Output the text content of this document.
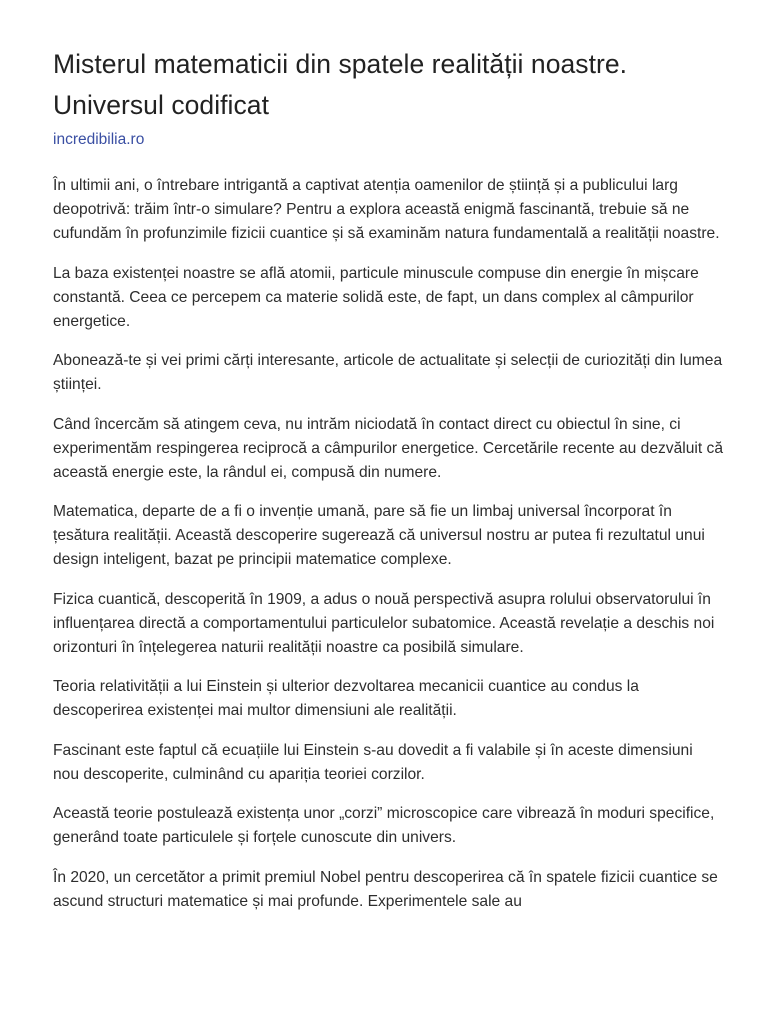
Misterul matematicii din spatele realității noastre.
Universul codificat
incredibilia.ro

În ultimii ani, o întrebare intrigantă a captivat atenția oamenilor de știință și a publicului larg deopotrivă: trăim într-o simulare? Pentru a explora această enigmă fascinantă, trebuie să ne cufundăm în profunzimile fizicii cuantice și să examinăm natura fundamentală a realității noastre.

La baza existenței noastre se află atomii, particule minuscule compuse din energie în mișcare constantă. Ceea ce percepem ca materie solidă este, de fapt, un dans complex al câmpurilor energetice.

Abonează-te și vei primi cărți interesante, articole de actualitate și selecții de curiozități din lumea științei.

Când încercăm să atingem ceva, nu intrăm niciodată în contact direct cu obiectul în sine, ci experimentăm respingerea reciprocă a câmpurilor energetice. Cercetările recente au dezvăluit că această energie este, la rândul ei, compusă din numere.

Matematica, departe de a fi o invenție umană, pare să fie un limbaj universal încorporat în țesătura realității. Această descoperire sugerează că universul nostru ar putea fi rezultatul unui design inteligent, bazat pe principii matematice complexe.

Fizica cuantică, descoperită în 1909, a adus o nouă perspectivă asupra rolului observatorului în influențarea directă a comportamentului particulelor subatomice. Această revelație a deschis noi orizonturi în înțelegerea naturii realității noastre ca posibilă simulare.

Teoria relativității a lui Einstein și ulterior dezvoltarea mecanicii cuantice au condus la descoperirea existenței mai multor dimensiuni ale realității.

Fascinant este faptul că ecuațiile lui Einstein s-au dovedit a fi valabile și în aceste dimensiuni nou descoperite, culminând cu apariția teoriei corzilor.

Această teorie postulează existența unor „corzi” microscopice care vibrează în moduri specifice, generând toate particulele și forțele cunoscute din univers.

În 2020, un cercetător a primit premiul Nobel pentru descoperirea că în spatele fizicii cuantice se ascund structuri matematice și mai profunde. Experimentele sale au
